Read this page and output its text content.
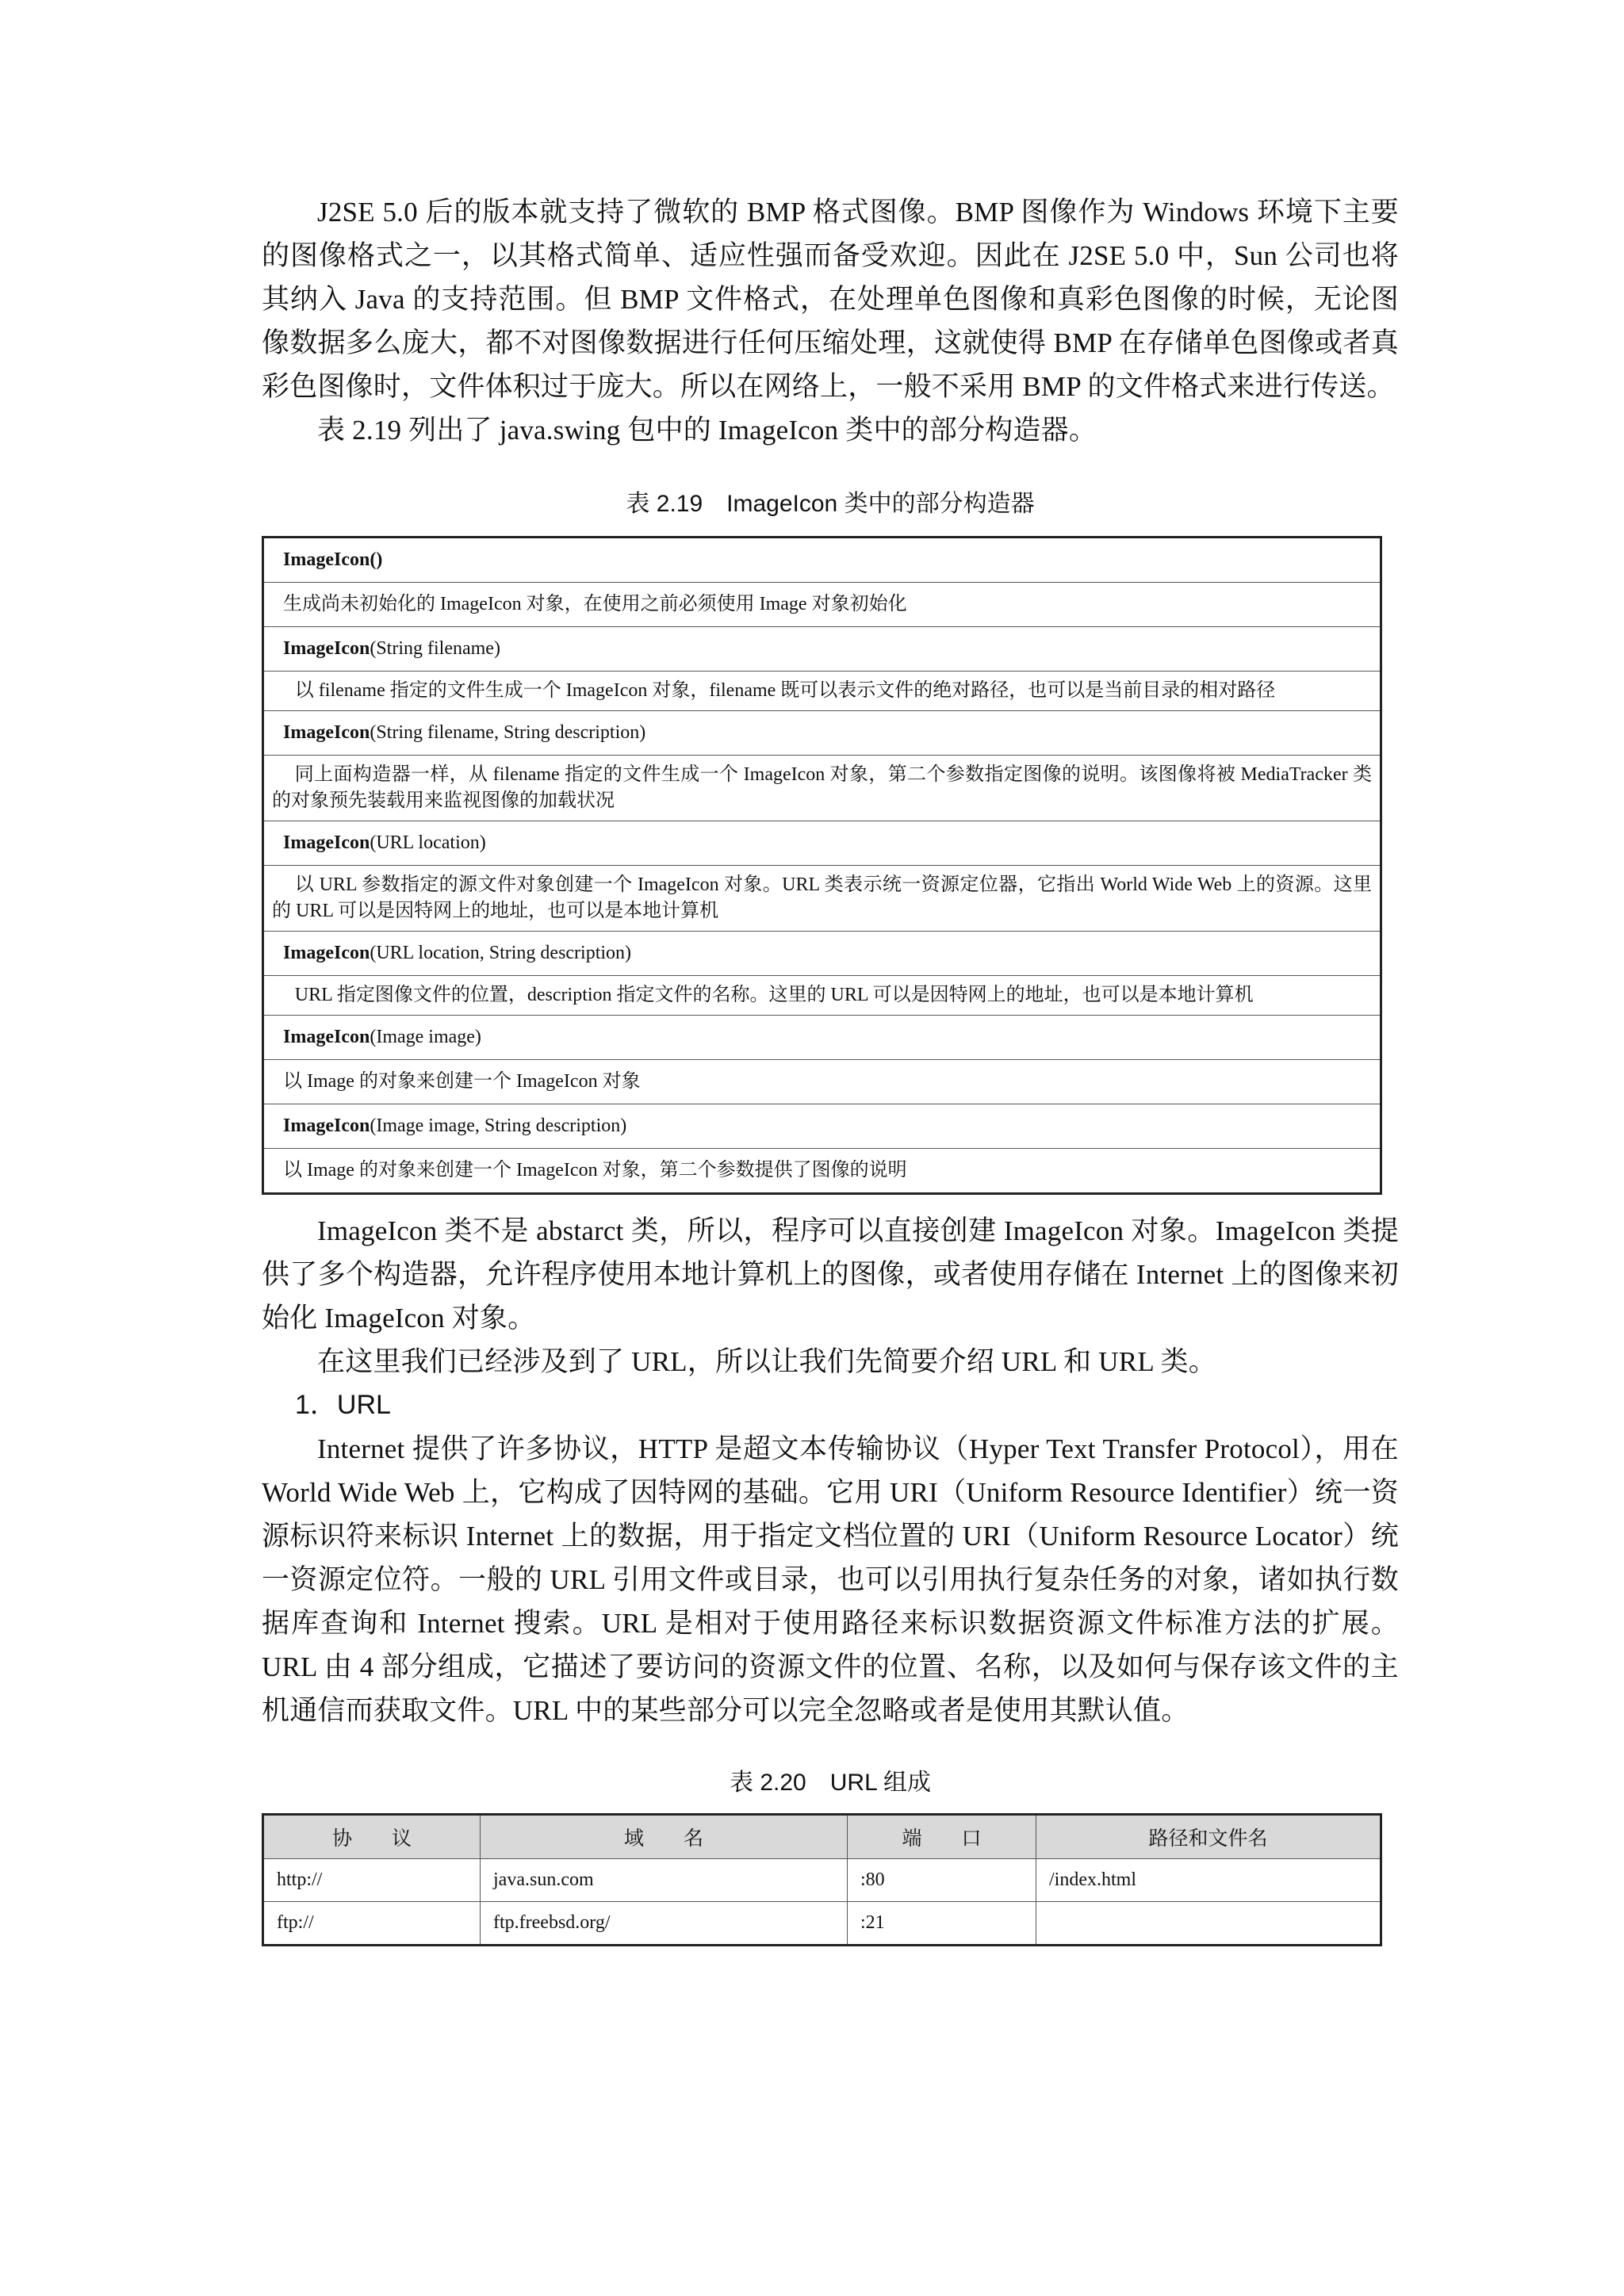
J2SE 5.0 后的版本就支持了微软的 BMP 格式图像。BMP 图像作为 Windows 环境下主要的图像格式之一，以其格式简单、适应性强而备受欢迎。因此在 J2SE 5.0 中，Sun 公司也将其纳入 Java 的支持范围。但 BMP 文件格式，在处理单色图像和真彩色图像的时候，无论图像数据多么庞大，都不对图像数据进行任何压缩处理，这就使得 BMP 在存储单色图像或者真彩色图像时，文件体积过于庞大。所以在网络上，一般不采用 BMP 的文件格式来进行传送。

表 2.19 列出了 java.swing 包中的 ImageIcon 类中的部分构造器。

表 2.19　ImageIcon 类中的部分构造器

ImageIcon()
生成尚未初始化的 ImageIcon 对象，在使用之前必须使用 Image 对象初始化
ImageIcon(String filename)
以 filename 指定的文件生成一个 ImageIcon 对象，filename 既可以表示文件的绝对路径，也可以是当前目录的相对路径
ImageIcon(String filename, String description)
同上面构造器一样，从 filename 指定的文件生成一个 ImageIcon 对象，第二个参数指定图像的说明。该图像将被 MediaTracker 类的对象预先装载用来监视图像的加载状况
ImageIcon(URL location)
以 URL 参数指定的源文件对象创建一个 ImageIcon 对象。URL 类表示统一资源定位器，它指出 World Wide Web 上的资源。这里的 URL 可以是因特网上的地址，也可以是本地计算机
ImageIcon(URL location, String description)
URL 指定图像文件的位置，description 指定文件的名称。这里的 URL 可以是因特网上的地址，也可以是本地计算机
ImageIcon(Image image)
以 Image 的对象来创建一个 ImageIcon 对象
ImageIcon(Image image, String description)
以 Image 的对象来创建一个 ImageIcon 对象，第二个参数提供了图像的说明

ImageIcon 类不是 abstarct 类，所以，程序可以直接创建 ImageIcon 对象。ImageIcon 类提供了多个构造器，允许程序使用本地计算机上的图像，或者使用存储在 Internet 上的图像来初始化 ImageIcon 对象。

在这里我们已经涉及到了 URL，所以让我们先简要介绍 URL 和 URL 类。

1．URL

Internet 提供了许多协议，HTTP 是超文本传输协议（Hyper Text Transfer Protocol），用在 World Wide Web 上，它构成了因特网的基础。它用 URI（Uniform Resource Identifier）统一资源标识符来标识 Internet 上的数据，用于指定文档位置的 URI（Uniform Resource Locator）统一资源定位符。一般的 URL 引用文件或目录，也可以引用执行复杂任务的对象，诸如执行数据库查询和 Internet 搜索。URL 是相对于使用路径来标识数据资源文件标准方法的扩展。URL 由 4 部分组成，它描述了要访问的资源文件的位置、名称，以及如何与保存该文件的主机通信而获取文件。URL 中的某些部分可以完全忽略或者是使用其默认值。

表 2.20　URL 组成

协　　议	域　　名	端　　口	路径和文件名
http://	java.sun.com	:80	/index.html
ftp://	ftp.freebsd.org/	:21	
